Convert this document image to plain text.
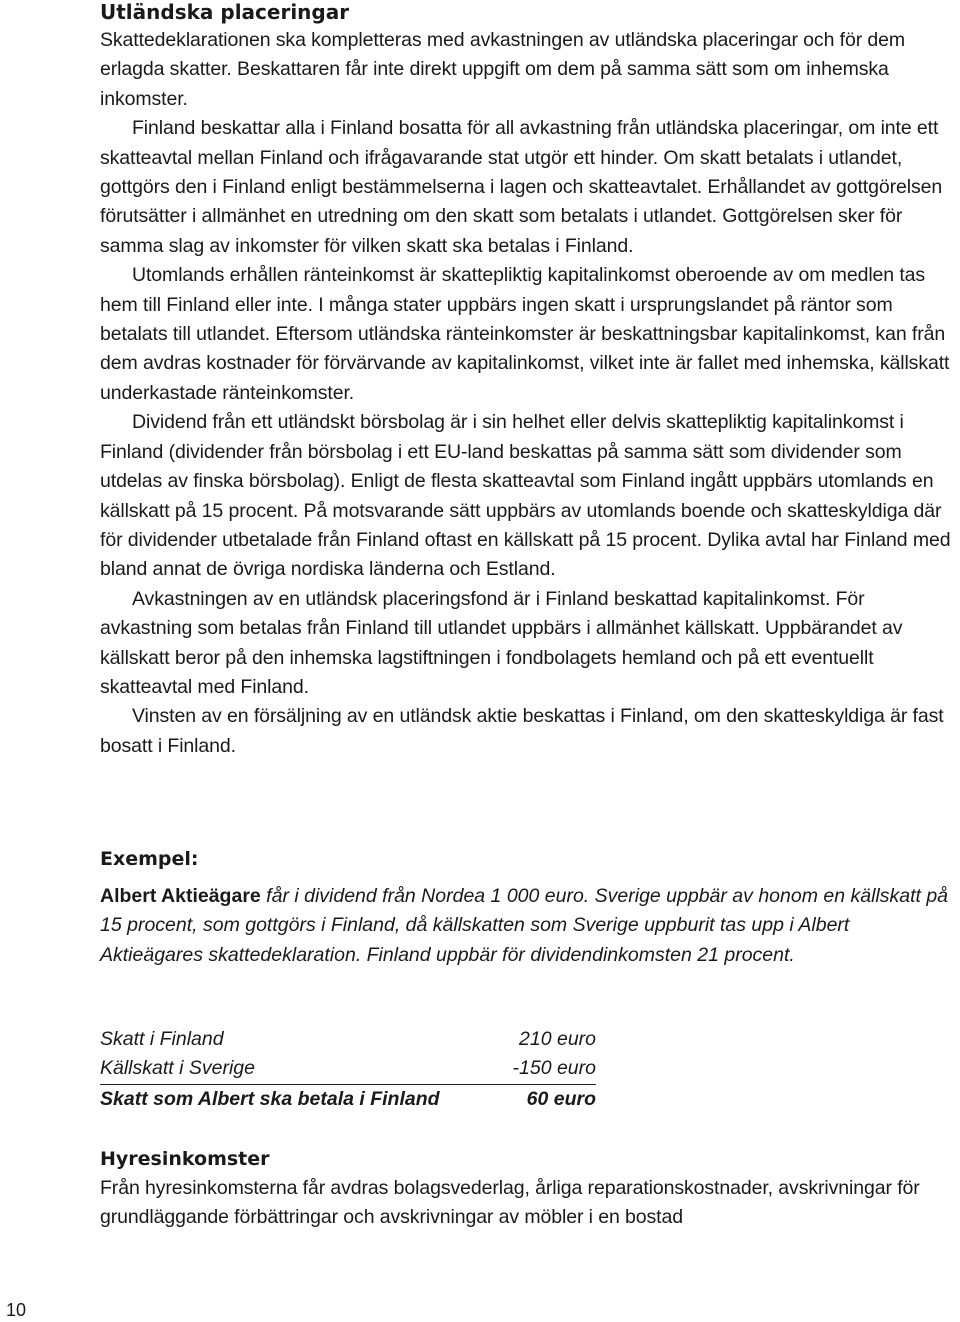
Utländska placeringar

Skattedeklarationen ska kompletteras med avkastningen av utländska placeringar och för dem erlagda skatter. Beskattaren får inte direkt uppgift om dem på samma sätt som om inhemska inkomster.

Finland beskattar alla i Finland bosatta för all avkastning från utländska placeringar, om inte ett skatteavtal mellan Finland och ifrågavarande stat utgör ett hinder. Om skatt betalats i utlandet, gottgörs den i Finland enligt bestämmelserna i lagen och skatteavtalet. Erhållandet av gottgörelsen förutsätter i allmänhet en utredning om den skatt som betalats i utlandet. Gottgörelsen sker för samma slag av inkomster för vilken skatt ska betalas i Finland.

Utomlands erhållen ränteinkomst är skattepliktig kapitalinkomst oberoende av om medlen tas hem till Finland eller inte. I många stater uppbärs ingen skatt i ursprungslandet på räntor som betalats till utlandet. Eftersom utländska ränteinkomster är beskattningsbar kapitalinkomst, kan från dem avdras kostnader för förvärvande av kapitalinkomst, vilket inte är fallet med inhemska, källskatt underkastade ränteinkomster.

Dividend från ett utländskt börsbolag är i sin helhet eller delvis skattepliktig kapitalinkomst i Finland (dividender från börsbolag i ett EU-land beskattas på samma sätt som dividender som utdelas av finska börsbolag). Enligt de flesta skatteavtal som Finland ingått uppbärs utomlands en källskatt på 15 procent. På motsvarande sätt uppbärs av utomlands boende och skatteskyldiga där för dividender utbetalade från Finland oftast en källskatt på 15 procent. Dylika avtal har Finland med bland annat de övriga nordiska länderna och Estland.

Avkastningen av en utländsk placeringsfond är i Finland beskattad kapitalinkomst. För avkastning som betalas från Finland till utlandet uppbärs i allmänhet källskatt. Uppbärandet av källskatt beror på den inhemska lagstiftningen i fondbolagets hemland och på ett eventuellt skatteavtal med Finland.

Vinsten av en försäljning av en utländsk aktie beskattas i Finland, om den skatteskyldiga är fast bosatt i Finland.

Exempel:
Albert Aktieägare får i dividend från Nordea 1 000 euro. Sverige uppbär av honom en källskatt på 15 procent, som gottgörs i Finland, då källskatten som Sverige uppburit tas upp i Albert Aktieägares skattedeklaration. Finland uppbär för dividendinkomsten 21 procent.
Skatt i Finland	210 euro
Källskatt i Sverige	-150 euro
Skatt som Albert ska betala i Finland	60 euro
Hyresinkomster

Från hyresinkomsterna får avdras bolagsvederlag, årliga reparationskostnader, avskrivningar för grundläggande förbättringar och avskrivningar av möbler i en bostad

10
